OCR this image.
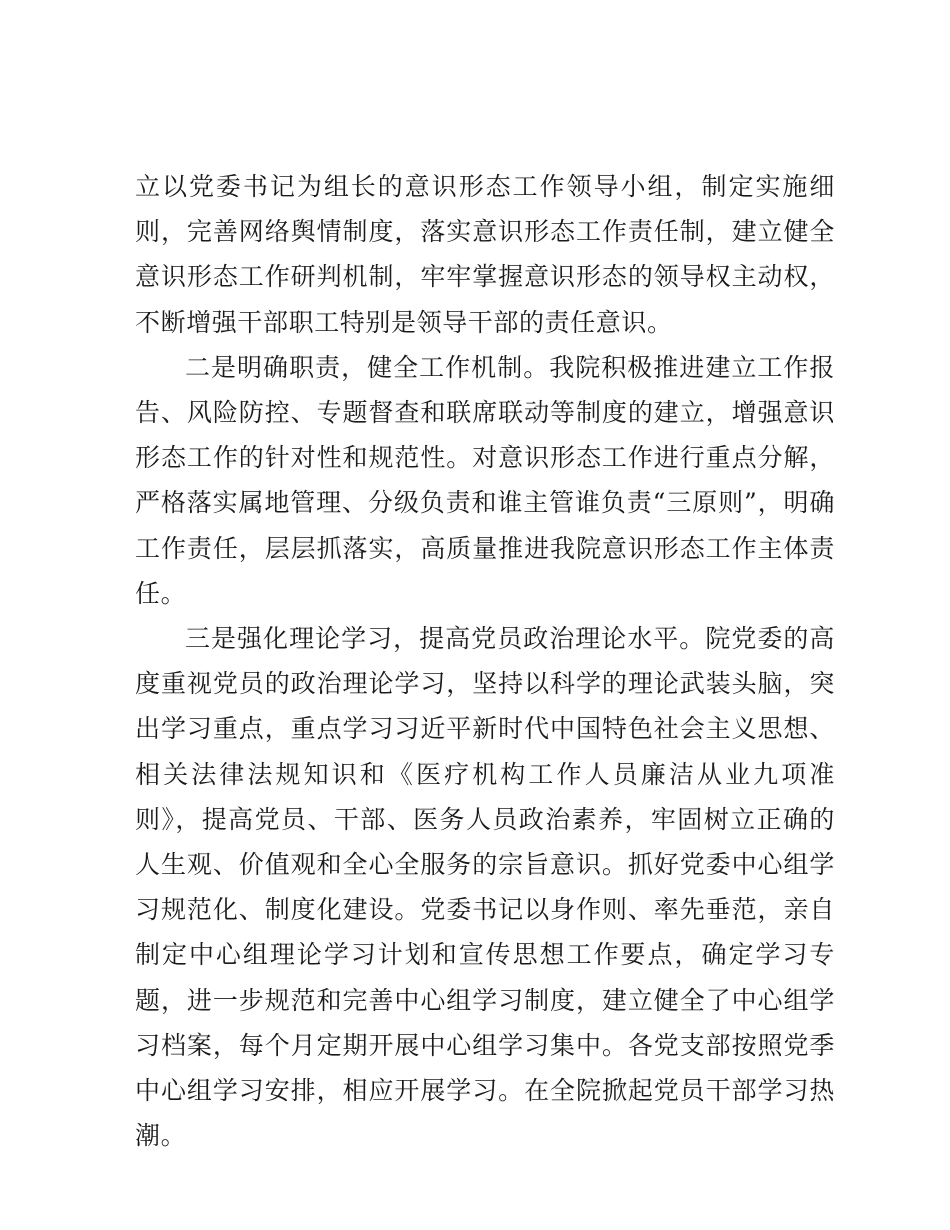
立以党委书记为组长的意识形态工作领导小组，制定实施细则，完善网络舆情制度，落实意识形态工作责任制，建立健全意识形态工作研判机制，牢牢掌握意识形态的领导权主动权，不断增强干部职工特别是领导干部的责任意识。

二是明确职责，健全工作机制。我院积极推进建立工作报告、风险防控、专题督查和联席联动等制度的建立，增强意识形态工作的针对性和规范性。对意识形态工作进行重点分解，严格落实属地管理、分级负责和谁主管谁负责“三原则”，明确工作责任，层层抓落实，高质量推进我院意识形态工作主体责任。

三是强化理论学习，提高党员政治理论水平。院党委的高度重视党员的政治理论学习，坚持以科学的理论武装头脑，突出学习重点，重点学习习近平新时代中国特色社会主义思想、相关法律法规知识和《医疗机构工作人员廉洁从业九项准则》，提高党员、干部、医务人员政治素养，牢固树立正确的人生观、价值观和全心全服务的宗旨意识。抓好党委中心组学习规范化、制度化建设。党委书记以身作则、率先垂范，亲自制定中心组理论学习计划和宣传思想工作要点，确定学习专题，进一步规范和完善中心组学习制度，建立健全了中心组学习档案，每个月定期开展中心组学习集中。各党支部按照党季中心组学习安排，相应开展学习。在全院掀起党员干部学习热潮。
